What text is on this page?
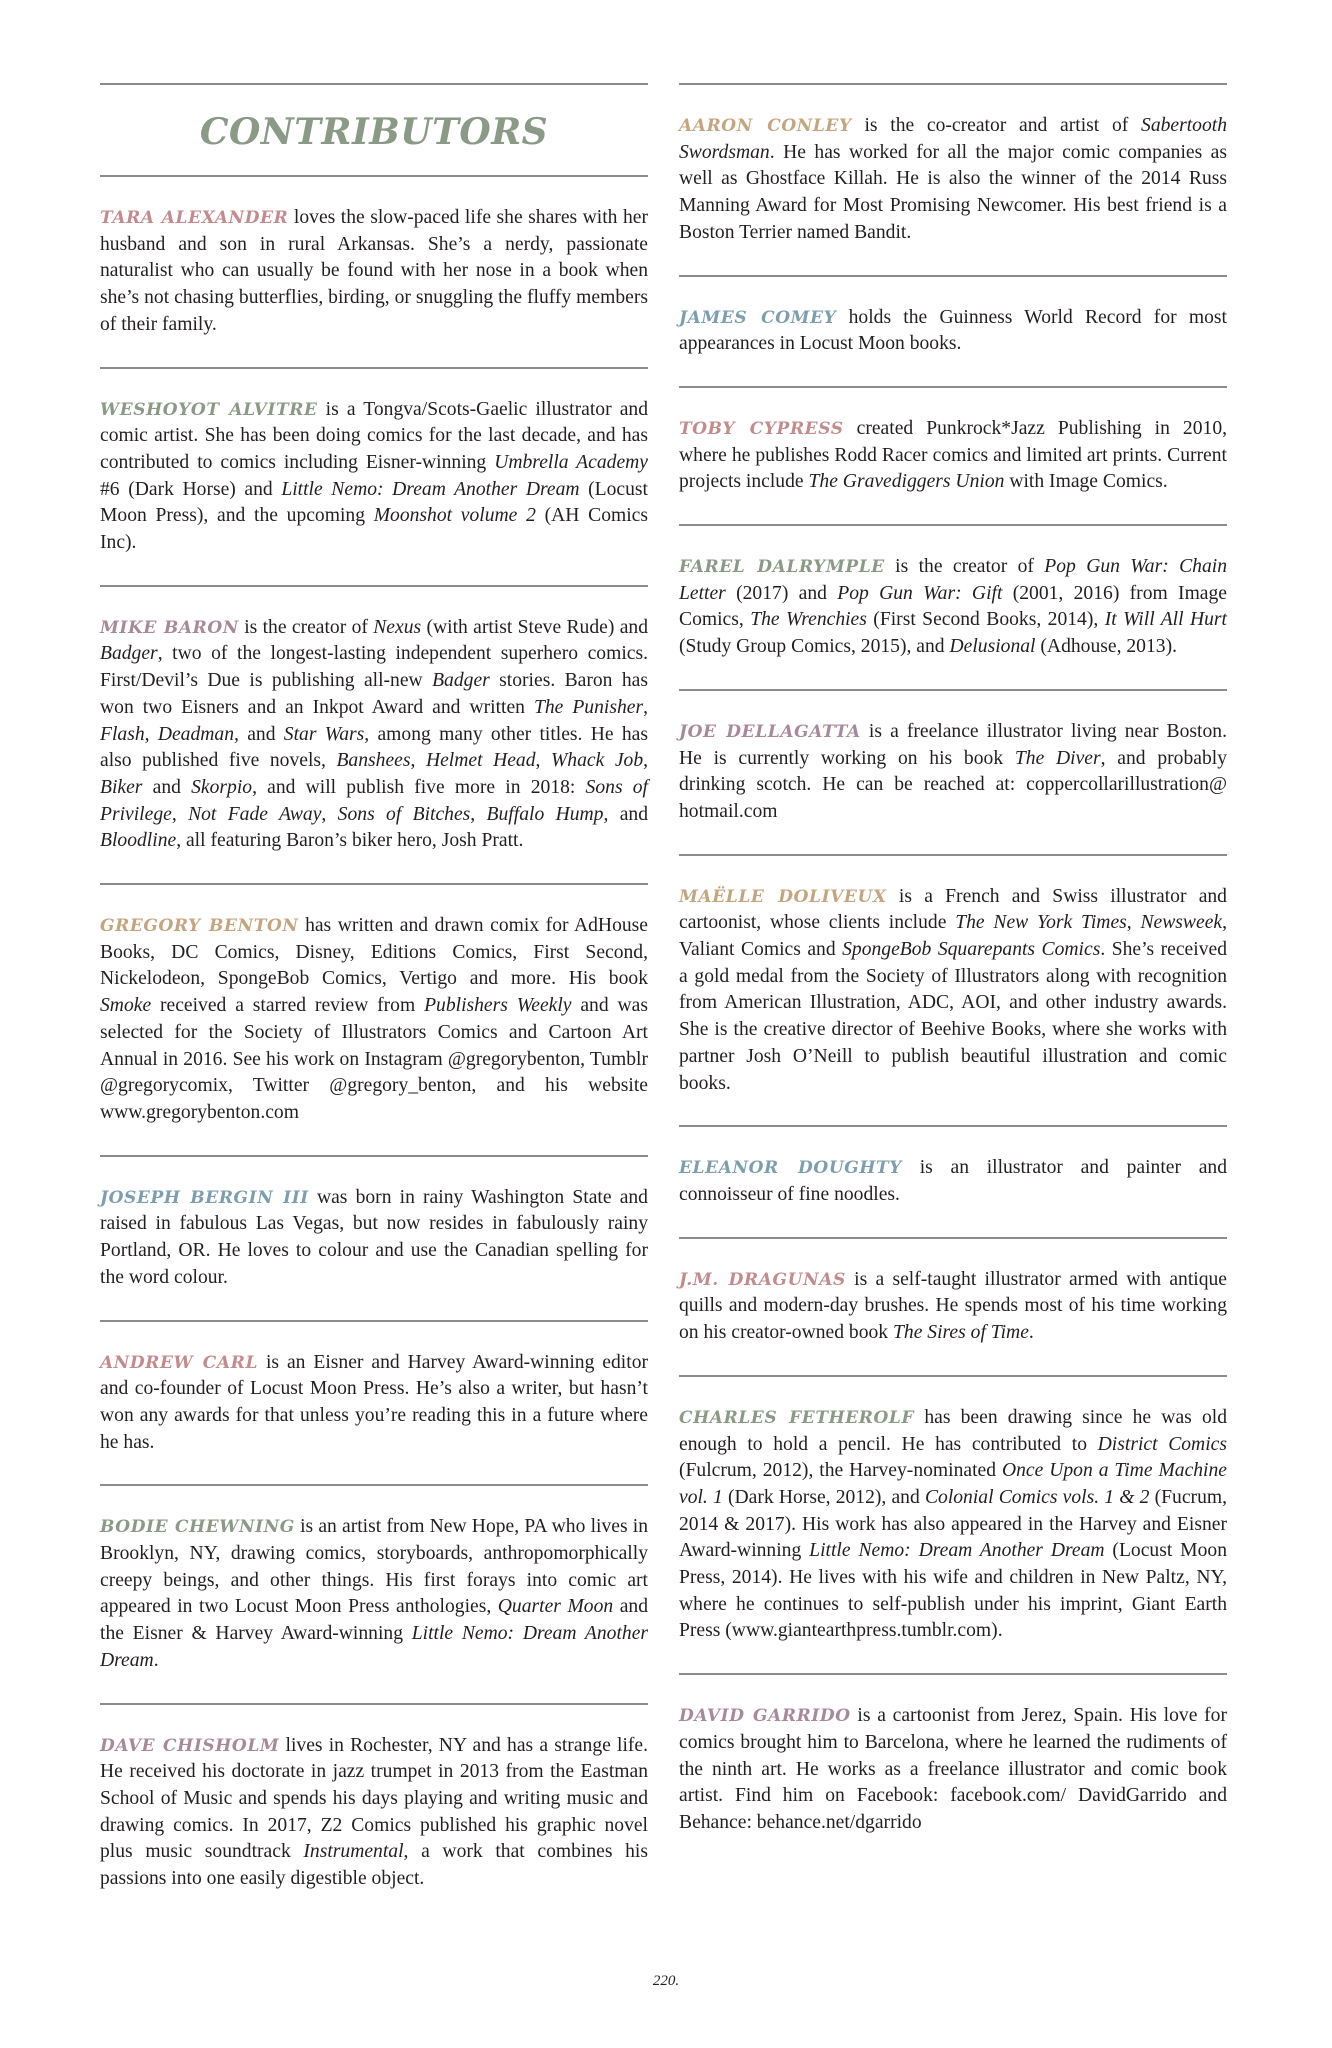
CONTRIBUTORS
TARA ALEXANDER loves the slow-paced life she shares with her husband and son in rural Arkansas. She’s a nerdy, passionate naturalist who can usually be found with her nose in a book when she’s not chasing butterflies, birding, or snuggling the fluffy members of their family.
WESHOYOT ALVITRE is a Tongva/Scots-Gaelic illustrator and comic artist. She has been doing comics for the last decade, and has contributed to comics including Eisner-winning Umbrella Academy #6 (Dark Horse) and Little Nemo: Dream Another Dream (Locust Moon Press), and the upcoming Moonshot volume 2 (AH Comics Inc).
MIKE BARON is the creator of Nexus (with artist Steve Rude) and Badger, two of the longest-lasting independent superhero comics. First/Devil’s Due is publishing all-new Badger stories. Baron has won two Eisners and an Inkpot Award and written The Punisher, Flash, Deadman, and Star Wars, among many other titles. He has also published five novels, Banshees, Helmet Head, Whack Job, Biker and Skorpio, and will publish five more in 2018: Sons of Privilege, Not Fade Away, Sons of Bitches, Buffalo Hump, and Bloodline, all featuring Baron’s biker hero, Josh Pratt.
GREGORY BENTON has written and drawn comix for AdHouse Books, DC Comics, Disney, Editions Comics, First Second, Nickelodeon, SpongeBob Comics, Vertigo and more. His book Smoke received a starred review from Publishers Weekly and was selected for the Society of Illustrators Comics and Cartoon Art Annual in 2016. See his work on Instagram @gregorybenton, Tumblr @gregorycomix, Twitter @gregory_benton, and his website www.gregorybenton.com
JOSEPH BERGIN III was born in rainy Washington State and raised in fabulous Las Vegas, but now resides in fabulously rainy Portland, OR. He loves to colour and use the Canadian spelling for the word colour.
ANDREW CARL is an Eisner and Harvey Award-winning editor and co-founder of Locust Moon Press. He’s also a writer, but hasn’t won any awards for that unless you’re reading this in a future where he has.
BODIE CHEWNING is an artist from New Hope, PA who lives in Brooklyn, NY, drawing comics, storyboards, anthropomorphically creepy beings, and other things. His first forays into comic art appeared in two Locust Moon Press anthologies, Quarter Moon and the Eisner & Harvey Award-winning Little Nemo: Dream Another Dream.
DAVE CHISHOLM lives in Rochester, NY and has a strange life. He received his doctorate in jazz trumpet in 2013 from the Eastman School of Music and spends his days playing and writing music and drawing comics. In 2017, Z2 Comics published his graphic novel plus music soundtrack Instrumental, a work that combines his passions into one easily digestible object.
AARON CONLEY is the co-creator and artist of Sabertooth Swordsman. He has worked for all the major comic companies as well as Ghostface Killah. He is also the winner of the 2014 Russ Manning Award for Most Promising Newcomer. His best friend is a Boston Terrier named Bandit.
JAMES COMEY holds the Guinness World Record for most appearances in Locust Moon books.
TOBY CYPRESS created Punkrock*Jazz Publishing in 2010, where he publishes Rodd Racer comics and limited art prints. Current projects include The Gravediggers Union with Image Comics.
FAREL DALRYMPLE is the creator of Pop Gun War: Chain Letter (2017) and Pop Gun War: Gift (2001, 2016) from Image Comics, The Wrenchies (First Second Books, 2014), It Will All Hurt (Study Group Comics, 2015), and Delusional (Adhouse, 2013).
JOE DELLAGATTA is a freelance illustrator living near Boston. He is currently working on his book The Diver, and probably drinking scotch. He can be reached at: coppercollarillustration@ hotmail.com
MAËLLE DOLIVEUX is a French and Swiss illustrator and cartoonist, whose clients include The New York Times, Newsweek, Valiant Comics and SpongeBob Squarepants Comics. She’s received a gold medal from the Society of Illustrators along with recognition from American Illustration, ADC, AOI, and other industry awards. She is the creative director of Beehive Books, where she works with partner Josh O’Neill to publish beautiful illustration and comic books.
ELEANOR DOUGHTY is an illustrator and painter and connoisseur of fine noodles.
J.M. DRAGUNAS is a self-taught illustrator armed with antique quills and modern-day brushes. He spends most of his time working on his creator-owned book The Sires of Time.
CHARLES FETHEROLF has been drawing since he was old enough to hold a pencil. He has contributed to District Comics (Fulcrum, 2012), the Harvey-nominated Once Upon a Time Machine vol. 1 (Dark Horse, 2012), and Colonial Comics vols. 1 & 2 (Fucrum, 2014 & 2017). His work has also appeared in the Harvey and Eisner Award-winning Little Nemo: Dream Another Dream (Locust Moon Press, 2014). He lives with his wife and children in New Paltz, NY, where he continues to self-publish under his imprint, Giant Earth Press (www.giantearthpress.tumblr.com).
DAVID GARRIDO is a cartoonist from Jerez, Spain. His love for comics brought him to Barcelona, where he learned the rudiments of the ninth art. He works as a freelance illustrator and comic book artist. Find him on Facebook: facebook.com/ DavidGarrido and Behance: behance.net/dgarrido
220.
